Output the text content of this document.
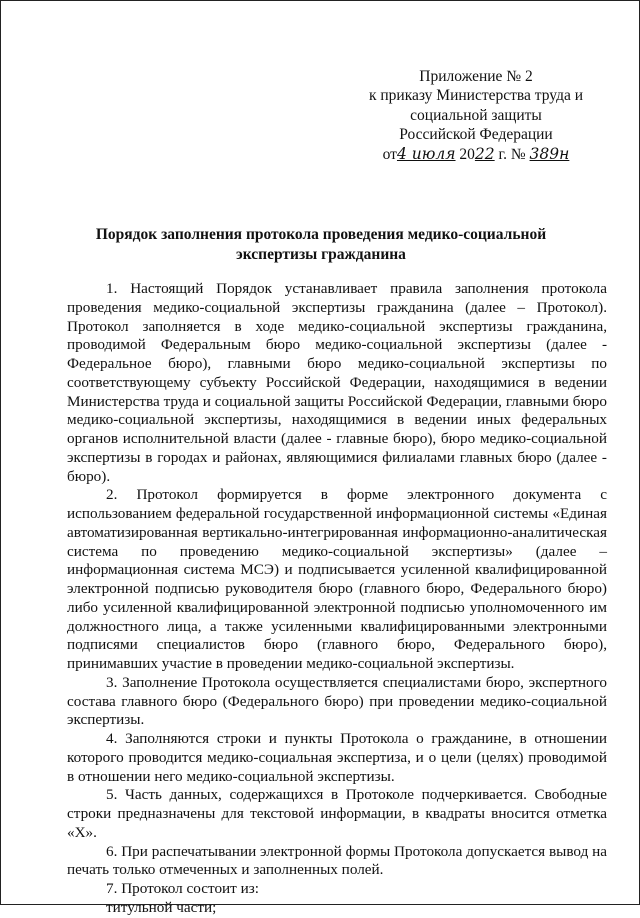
Приложение № 2
к приказу Министерства труда и
социальной защиты
Российской Федерации
от4 июля 2022 г. № 389н
Порядок заполнения протокола проведения медико-социальной
экспертизы гражданина

1. Настоящий Порядок устанавливает правила заполнения протокола проведения медико-социальной экспертизы гражданина (далее – Протокол). Протокол заполняется в ходе медико-социальной экспертизы гражданина, проводимой Федеральным бюро медико-социальной экспертизы (далее - Федеральное бюро), главными бюро медико-социальной экспертизы по соответствующему субъекту Российской Федерации, находящимися в ведении Министерства труда и социальной защиты Российской Федерации, главными бюро медико-социальной экспертизы, находящимися в ведении иных федеральных органов исполнительной власти (далее - главные бюро), бюро медико-социальной экспертизы в городах и районах, являющимися филиалами главных бюро (далее - бюро).

2. Протокол формируется в форме электронного документа с использованием федеральной государственной информационной системы «Единая автоматизированная вертикально-интегрированная информационно-аналитическая система по проведению медико-социальной экспертизы» (далее – информационная система МСЭ) и подписывается усиленной квалифицированной электронной подписью руководителя бюро (главного бюро, Федерального бюро) либо усиленной квалифицированной электронной подписью уполномоченного им должностного лица, а также усиленными квалифицированными электронными подписями специалистов бюро (главного бюро, Федерального бюро), принимавших участие в проведении медико-социальной экспертизы.

3. Заполнение Протокола осуществляется специалистами бюро, экспертного состава главного бюро (Федерального бюро) при проведении медико-социальной экспертизы.

4. Заполняются строки и пункты Протокола о гражданине, в отношении которого проводится медико-социальная экспертиза, и о цели (целях) проводимой в отношении него медико-социальной экспертизы.

5. Часть данных, содержащихся в Протоколе подчеркивается. Свободные строки предназначены для текстовой информации, в квадраты вносится отметка «Х».

6. При распечатывании электронной формы Протокола допускается вывод на печать только отмеченных и заполненных полей.

7. Протокол состоит из:

титульной части;
